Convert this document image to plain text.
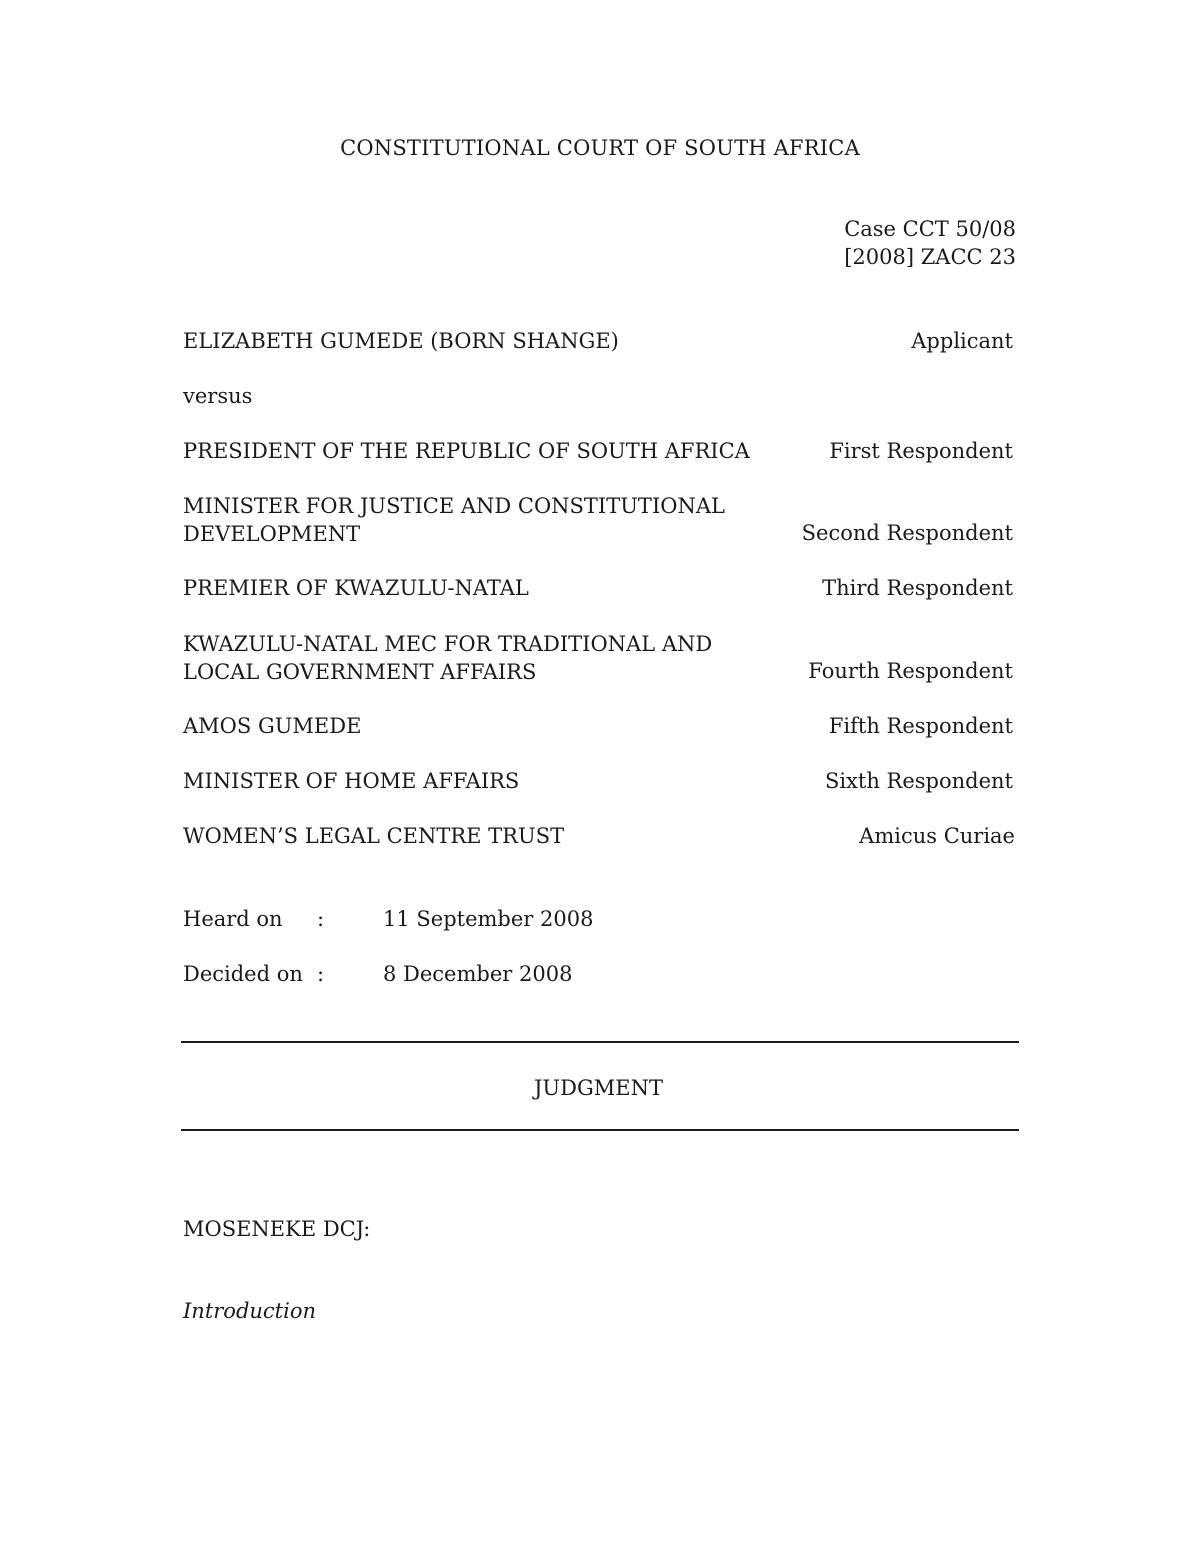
CONSTITUTIONAL COURT OF SOUTH AFRICA
Case CCT 50/08
[2008] ZACC 23
ELIZABETH GUMEDE (BORN SHANGE)	Applicant
versus
PRESIDENT OF THE REPUBLIC OF SOUTH AFRICA	First Respondent
MINISTER FOR JUSTICE AND CONSTITUTIONAL
DEVELOPMENT	Second Respondent
PREMIER OF KWAZULU-NATAL	Third Respondent
KWAZULU-NATAL MEC FOR TRADITIONAL AND
LOCAL GOVERNMENT AFFAIRS	Fourth Respondent
AMOS GUMEDE	Fifth Respondent
MINISTER OF HOME AFFAIRS	Sixth Respondent
WOMEN’S LEGAL CENTRE TRUST	Amicus Curiae
Heard on :	11 September 2008
Decided on :	8 December 2008
JUDGMENT
MOSENEKE DCJ:
Introduction
